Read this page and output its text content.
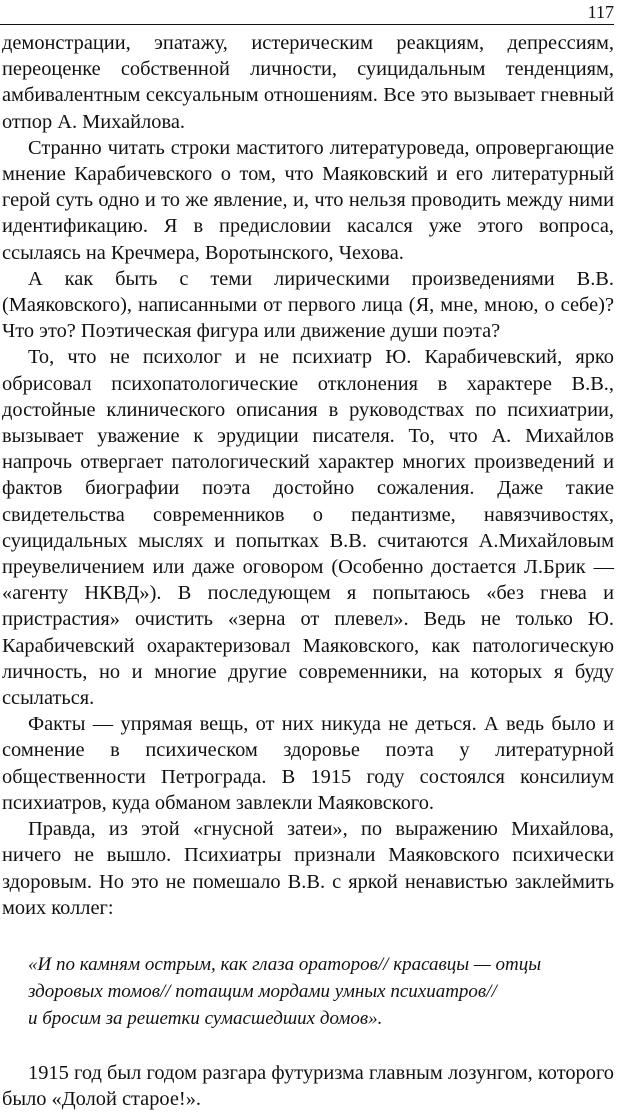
117

демонстрации, эпатажу, истерическим реакциям, депрессиям, переоценке собственной личности, суицидальным тенденциям, амбивалентным сексуальным отношениям. Все это вызывает гневный отпор А. Михайлова.

Странно читать строки маститого литературоведа, опровергающие мнение Карабичевского о том, что Маяковский и его литературный герой суть одно и то же явление, и, что нельзя проводить между ними идентификацию. Я в предисловии касался уже этого вопроса, ссылаясь на Кречмера, Воротынского, Чехова.

А как быть с теми лирическими произведениями В.В. (Маяковского), написанными от первого лица (Я, мне, мною, о себе)? Что это? Поэтическая фигура или движение души поэта?

То, что не психолог и не психиатр Ю. Карабичевский, ярко обрисовал психопатологические отклонения в характере В.В., достойные клинического описания в руководствах по психиатрии, вызывает уважение к эрудиции писателя. То, что А. Михайлов напрочь отвергает патологический характер многих произведений и фактов биографии поэта достойно сожаления. Даже такие свидетельства современников о педантизме, навязчивостях, суицидальных мыслях и попытках В.В. считаются А.Михайловым преувеличением или даже оговором (Особенно достается Л.Брик — «агенту НКВД»). В последующем я попытаюсь «без гнева и пристрастия» очистить «зерна от плевел». Ведь не только Ю. Карабичевский охарактеризовал Маяковского, как патологическую личность, но и многие другие современники, на которых я буду ссылаться.

Факты — упрямая вещь, от них никуда не деться. А ведь было и сомнение в психическом здоровье поэта у литературной общественности Петрограда. В 1915 году состоялся консилиум психиатров, куда обманом завлекли Маяковского.

Правда, из этой «гнусной затеи», по выражению Михайлова, ничего не вышло. Психиатры признали Маяковского психически здоровым. Но это не помешало В.В. с яркой ненавистью заклеймить моих коллег:

«И по камням острым, как глаза ораторов// красавцы — отцы
здоровых томов// потащим мордами умных психиатров//
и бросим за решетки сумасшедших домов».

1915 год был годом разгара футуризма главным лозунгом, которого было «Долой старое!».
